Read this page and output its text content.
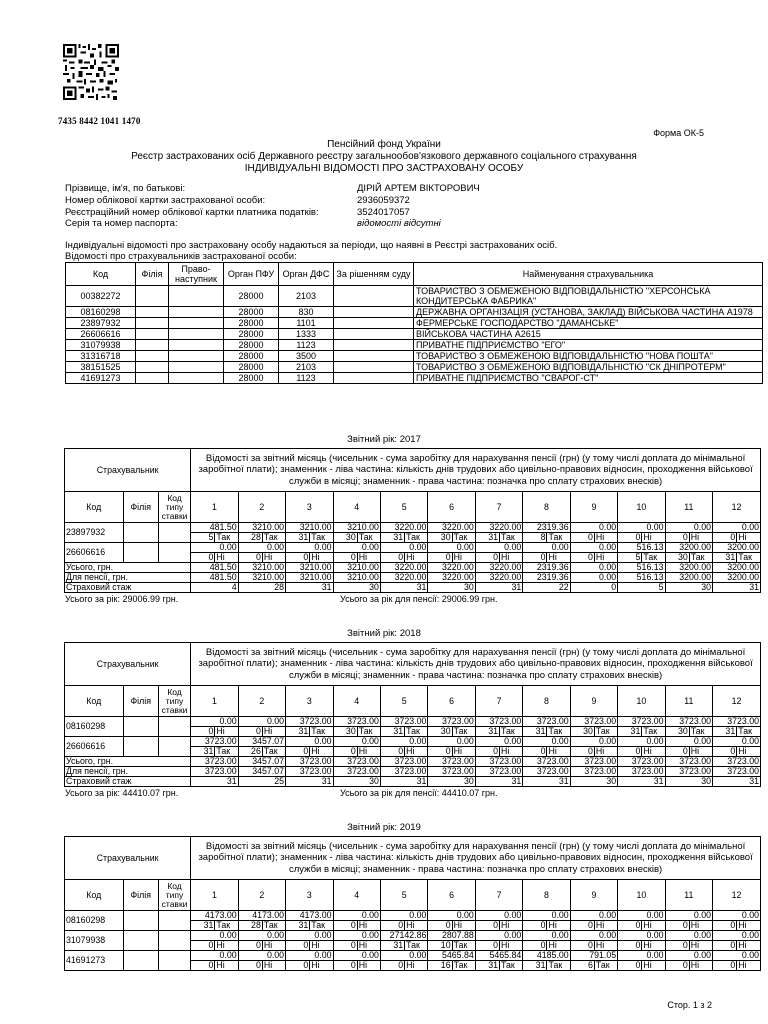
7435 8442 1041 1470
Форма ОК-5
Пенсійний фонд України
Реєстр застрахованих осіб Державного реєстру загальнообов'язкового державного соціального страхування
ІНДИВІДУАЛЬНІ ВІДОМОСТІ ПРО ЗАСТРАХОВАНУ ОСОБУ
Прізвище, ім'я, по батькові:	ДІРІЙ АРТЕМ ВІКТОРОВИЧ
Номер облікової картки застрахованої особи:	2936059372
Реєстраційний номер облікової картки платника податків:	3524017057
Серія та номер паспорта:	відомості відсутні
Індивідуальні відомості про застраховану особу надаються за періоди, що наявні в Реєстрі застрахованих осіб.
Відомості про страхувальників застрахованої особи:
Код	Філія	Право-наступник	Орган ПФУ	Орган ДФС	За рішенням суду	Найменування страхувальника
00382272			28000	2103		ТОВАРИСТВО З ОБМЕЖЕНОЮ ВІДПОВІДАЛЬНІСТЮ "ХЕРСОНСЬКА КОНДИТЕРСЬКА ФАБРИКА"
08160298			28000	830		ДЕРЖАВНА ОРГАНІЗАЦІЯ (УСТАНОВА, ЗАКЛАД) ВІЙСЬКОВА ЧАСТИНА А1978
23897932			28000	1101		ФЕРМЕРСЬКЕ ГОСПОДАРСТВО "ДАМАНСЬКЕ"
26606616			28000	1333		ВІЙСЬКОВА ЧАСТИНА А2615
31079938			28000	1123		ПРИВАТНЕ ПІДПРИЄМСТВО "ЕГО"
31316718			28000	3500		ТОВАРИСТВО З ОБМЕЖЕНОЮ ВІДПОВІДАЛЬНІСТЮ "НОВА ПОШТА"
38151525			28000	2103		ТОВАРИСТВО З ОБМЕЖЕНОЮ ВІДПОВІДАЛЬНІСТЮ "СК ДНІПРОТЕРМ"
41691273			28000	1123		ПРИВАТНЕ ПІДПРИЄМСТВО "СВАРОГ-СТ"
Звітний рік: 2017
Страхувальник			Відомості за звітний місяць (чисельник - сума заробітку для нарахування пенсії (грн) (у тому числі доплата до мінімальної заробітної плати); знаменник - ліва частина: кількість днів трудових або цивільно-правових відносин, проходження військової служби в місяці; знаменник - права частина: позначка про сплату страхових внесків)																							
Код	Філія	Код типу ставки	1		2		3		4		5		6		7		8		9		10		11		12	
23897932			481.50		3210.00		3210.00		3210.00		3220.00		3220.00		3220.00		2319.36		0.00		0.00		0.00		0.00	
			5	Так	28	Так	31	Так	30	Так	31	Так	30	Так	31	Так	8	Так	0	Ні	0	Ні	0	Ні	0	Ні
26606616			0.00		0.00		0.00		0.00		0.00		0.00		0.00		0.00		0.00		516.13		3200.00		3200.00	
			0	Ні	0	Ні	0	Ні	0	Ні	0	Ні	0	Ні	0	Ні	0	Ні	0	Ні	5	Так	30	Так	31	Так
Усього, грн.			481.50		3210.00		3210.00		3210.00		3220.00		3220.00		3220.00		2319.36		0.00		516.13		3200.00		3200.00	
Для пенсії, грн.			481.50		3210.00		3210.00		3210.00		3220.00		3220.00		3220.00		2319.36		0.00		516.13		3200.00		3200.00	
Страховий стаж			4		28		31		30		31		30		31		22		0		5		30		31	
Усього за рік: 29006.99 грн.	Усього за рік для пенсії: 29006.99 грн.
Звітний рік: 2018
Страхувальник			Відомості за звітний місяць (чисельник - сума заробітку для нарахування пенсії (грн) (у тому числі доплата до мінімальної заробітної плати); знаменник - ліва частина: кількість днів трудових або цивільно-правових відносин, проходження військової служби в місяці; знаменник - права частина: позначка про сплату страхових внесків)																							
Код	Філія	Код типу ставки	1		2		3		4		5		6		7		8		9		10		11		12	
08160298			0.00		0.00		3723.00		3723.00		3723.00		3723.00		3723.00		3723.00		3723.00		3723.00		3723.00		3723.00	
			0	Ні	0	Ні	31	Так	30	Так	31	Так	30	Так	31	Так	31	Так	30	Так	31	Так	30	Так	31	Так
26606616			3723.00		3457.07		0.00		0.00		0.00		0.00		0.00		0.00		0.00		0.00		0.00		0.00	
			31	Так	26	Так	0	Ні	0	Ні	0	Ні	0	Ні	0	Ні	0	Ні	0	Ні	0	Ні	0	Ні	0	Ні
Усього, грн.			3723.00		3457.07		3723.00		3723.00		3723.00		3723.00		3723.00		3723.00		3723.00		3723.00		3723.00		3723.00	
Для пенсії, грн.			3723.00		3457.07		3723.00		3723.00		3723.00		3723.00		3723.00		3723.00		3723.00		3723.00		3723.00		3723.00	
Страховий стаж			31		25		31		30		31		30		31		31		30		31		30		31	
Усього за рік: 44410.07 грн.	Усього за рік для пенсії: 44410.07 грн.
Звітний рік: 2019
Страхувальник			Відомості за звітний місяць (чисельник - сума заробітку для нарахування пенсії (грн) (у тому числі доплата до мінімальної заробітної плати); знаменник - ліва частина: кількість днів трудових або цивільно-правових відносин, проходження військової служби в місяці; знаменник - права частина: позначка про сплату страхових внесків)																							
Код	Філія	Код типу ставки	1		2		3		4		5		6		7		8		9		10		11		12	
08160298			4173.00		4173.00		4173.00		0.00		0.00		0.00		0.00		0.00		0.00		0.00		0.00		0.00	
			31	Так	28	Так	31	Так	0	Ні	0	Ні	0	Ні	0	Ні	0	Ні	0	Ні	0	Ні	0	Ні	0	Ні
31079938			0.00		0.00		0.00		0.00		27142.86		2807.88		0.00		0.00		0.00		0.00		0.00		0.00	
			0	Ні	0	Ні	0	Ні	0	Ні	31	Так	10	Так	0	Ні	0	Ні	0	Ні	0	Ні	0	Ні	0	Ні
41691273			0.00		0.00		0.00		0.00		0.00		5465.84		5465.84		4185.00		791.05		0.00		0.00		0.00	
			0	Ні	0	Ні	0	Ні	0	Ні	0	Ні	16	Так	31	Так	31	Так	6	Так	0	Ні	0	Ні	0	Ні
Стор. 1 з 2
